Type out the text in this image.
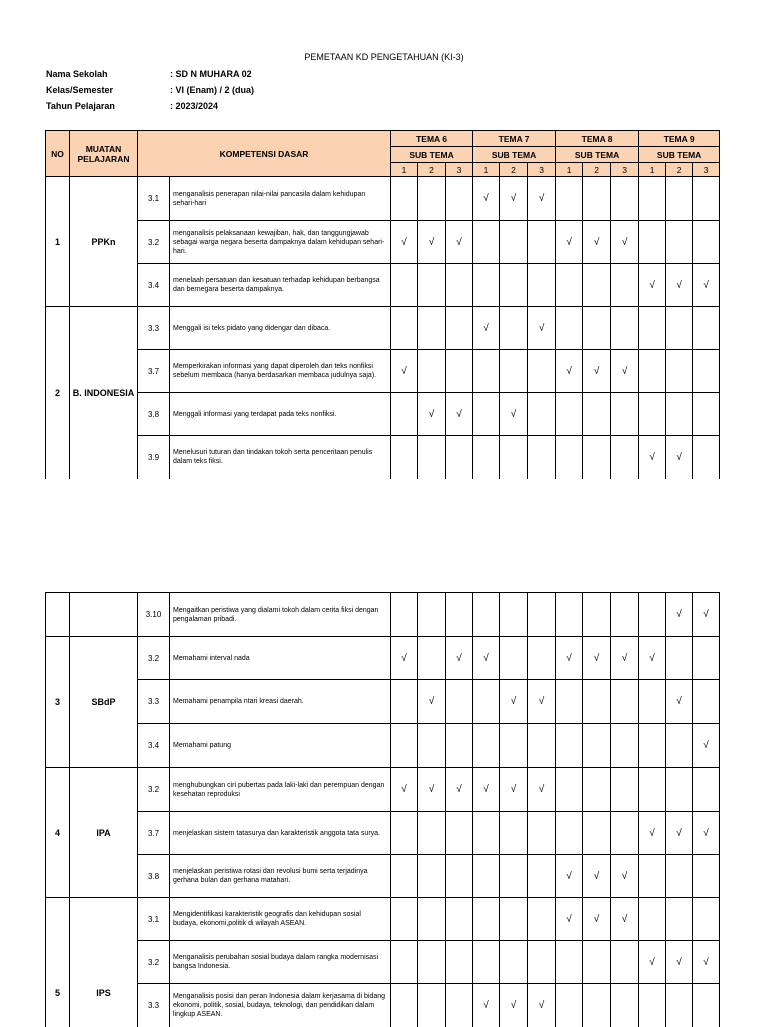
PEMETAAN KD PENGETAHUAN (KI-3)
Nama Sekolah	: SD N MUHARA 02
Kelas/Semester	: VI (Enam) / 2 (dua)
Tahun Pelajaran	: 2023/2024
NO	MUATAN PELAJARAN	KOMPETENSI DASAR		TEMA 6			TEMA 7			TEMA 8			TEMA 9		
				SUB TEMA			SUB TEMA			SUB TEMA			SUB TEMA		
				1	2	3	1	2	3	1	2	3	1	2	3
1	PPKn	3.1	menganalisis penerapan nilai-nilai pancasila dalam kehidupan sehari-hari				√	√	√						
		3.2	menganalisis pelaksanaan kewajiban, hak, dan tanggungjawab sebagai warga negara beserta dampaknya dalam kehidupan sehari-hari.	√	√	√				√	√	√			
		3.4	menelaah persatuan dan kesatuan terhadap kehidupan berbangsa dan bernegara beserta dampaknya.										√	√	√
2	B. INDONESIA	3.3	Menggali isi teks pidato yang didengar dan dibaca.				√		√						
		3.7	Memperkirakan informasi yang dapat diperoleh dari teks nonfiksi sebelum membaca (hanya berdasarkan membaca judulnya saja).	√						√	√	√			
		3.8	Menggali informasi yang terdapat pada teks nonfiksi.		√	√		√							
		3.9	Menelusuri tuturan dan tindakan tokoh serta penceritaan penulis dalam teks fiksi.										√	√	
		3.10	Mengaitkan peristiwa yang dialami tokoh dalam cerita fiksi dengan pengalaman pribadi.											√	√
3	SBdP	3.2	Memahami interval nada	√		√	√			√	√	√	√		
		3.3	Memahami penampila ntari kreasi daerah.		√			√	√					√	
		3.4	Memahami patung												√
4	IPA	3.2	menghubungkan ciri pubertas pada laki-laki dan perempuan dengan kesehatan reproduksi	√	√	√	√	√	√						
		3.7	menjelaskan sistem tatasurya dan karakteristik anggota tata surya.										√	√	√
		3.8	menjelaskan peristiwa rotasi dan revolusi bumi serta terjadinya gerhana bulan dan gerhana matahari.							√	√	√			
5	IPS	3.1	Mengidentifikasi karakteristik geografis dan kehidupan sosial budaya, ekonomi,politik di wilayah ASEAN.							√	√	√			
		3.2	Menganalisis perubahan sosial budaya dalam rangka modernisasi bangsa Indonesia.										√	√	√
		3.3	Menganalisis posisi dan peran Indonesia dalam kerjasama di bidang ekonomi, politik, sosial, budaya, teknologi, dan pendidikan dalam lingkup ASEAN.				√	√	√						
